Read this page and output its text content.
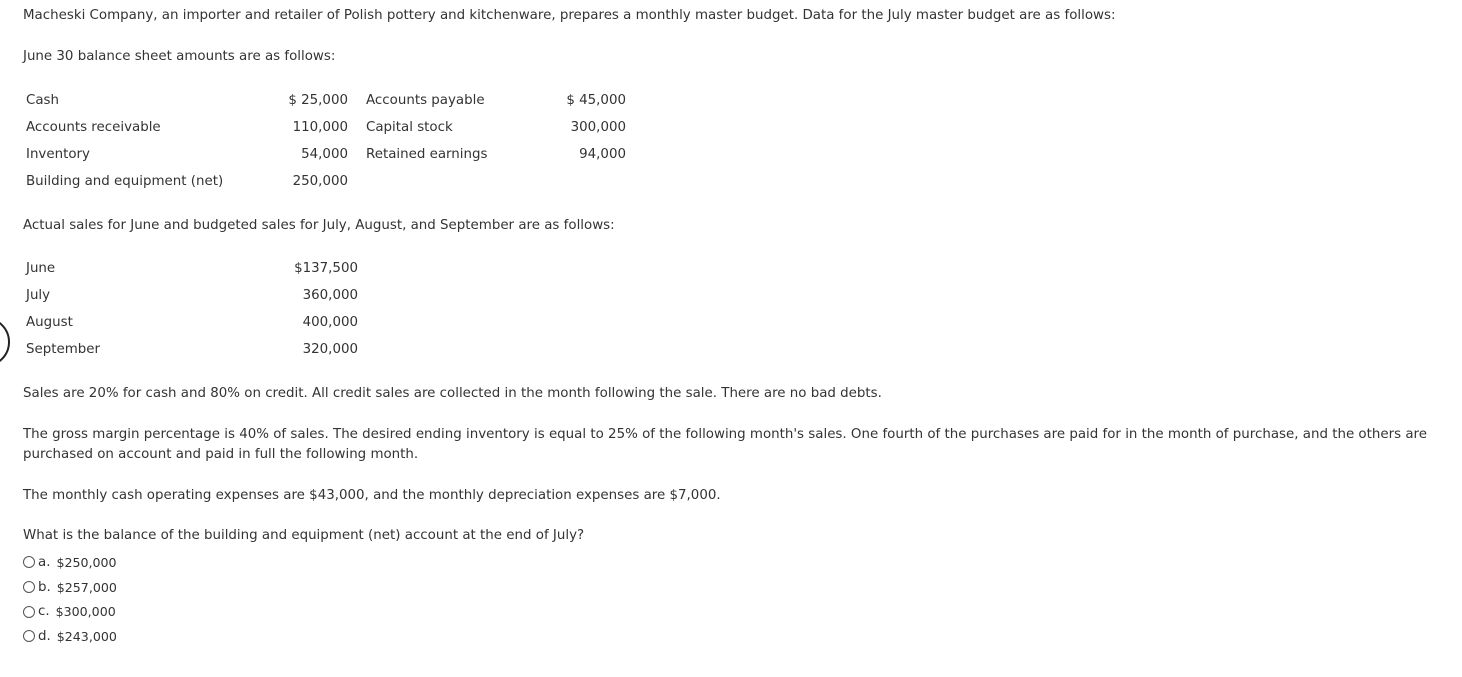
Macheski Company, an importer and retailer of Polish pottery and kitchenware, prepares a monthly master budget. Data for the July master budget are as follows:

June 30 balance sheet amounts are as follows:

Cash	$ 25,000	Accounts payable	$ 45,000
Accounts receivable	110,000	Capital stock	300,000
Inventory	54,000	Retained earnings	94,000
Building and equipment (net)	250,000		

Actual sales for June and budgeted sales for July, August, and September are as follows:

June	$137,500
July	360,000
August	400,000
September	320,000

Sales are 20% for cash and 80% on credit. All credit sales are collected in the month following the sale. There are no bad debts.

The gross margin percentage is 40% of sales. The desired ending inventory is equal to 25% of the following month's sales. One fourth of the purchases are paid for in the month of purchase, and the others are purchased on account and paid in full the following month.

The monthly cash operating expenses are $43,000, and the monthly depreciation expenses are $7,000.

What is the balance of the building and equipment (net) account at the end of July?

a. $250,000
b. $257,000
c. $300,000
d. $243,000
